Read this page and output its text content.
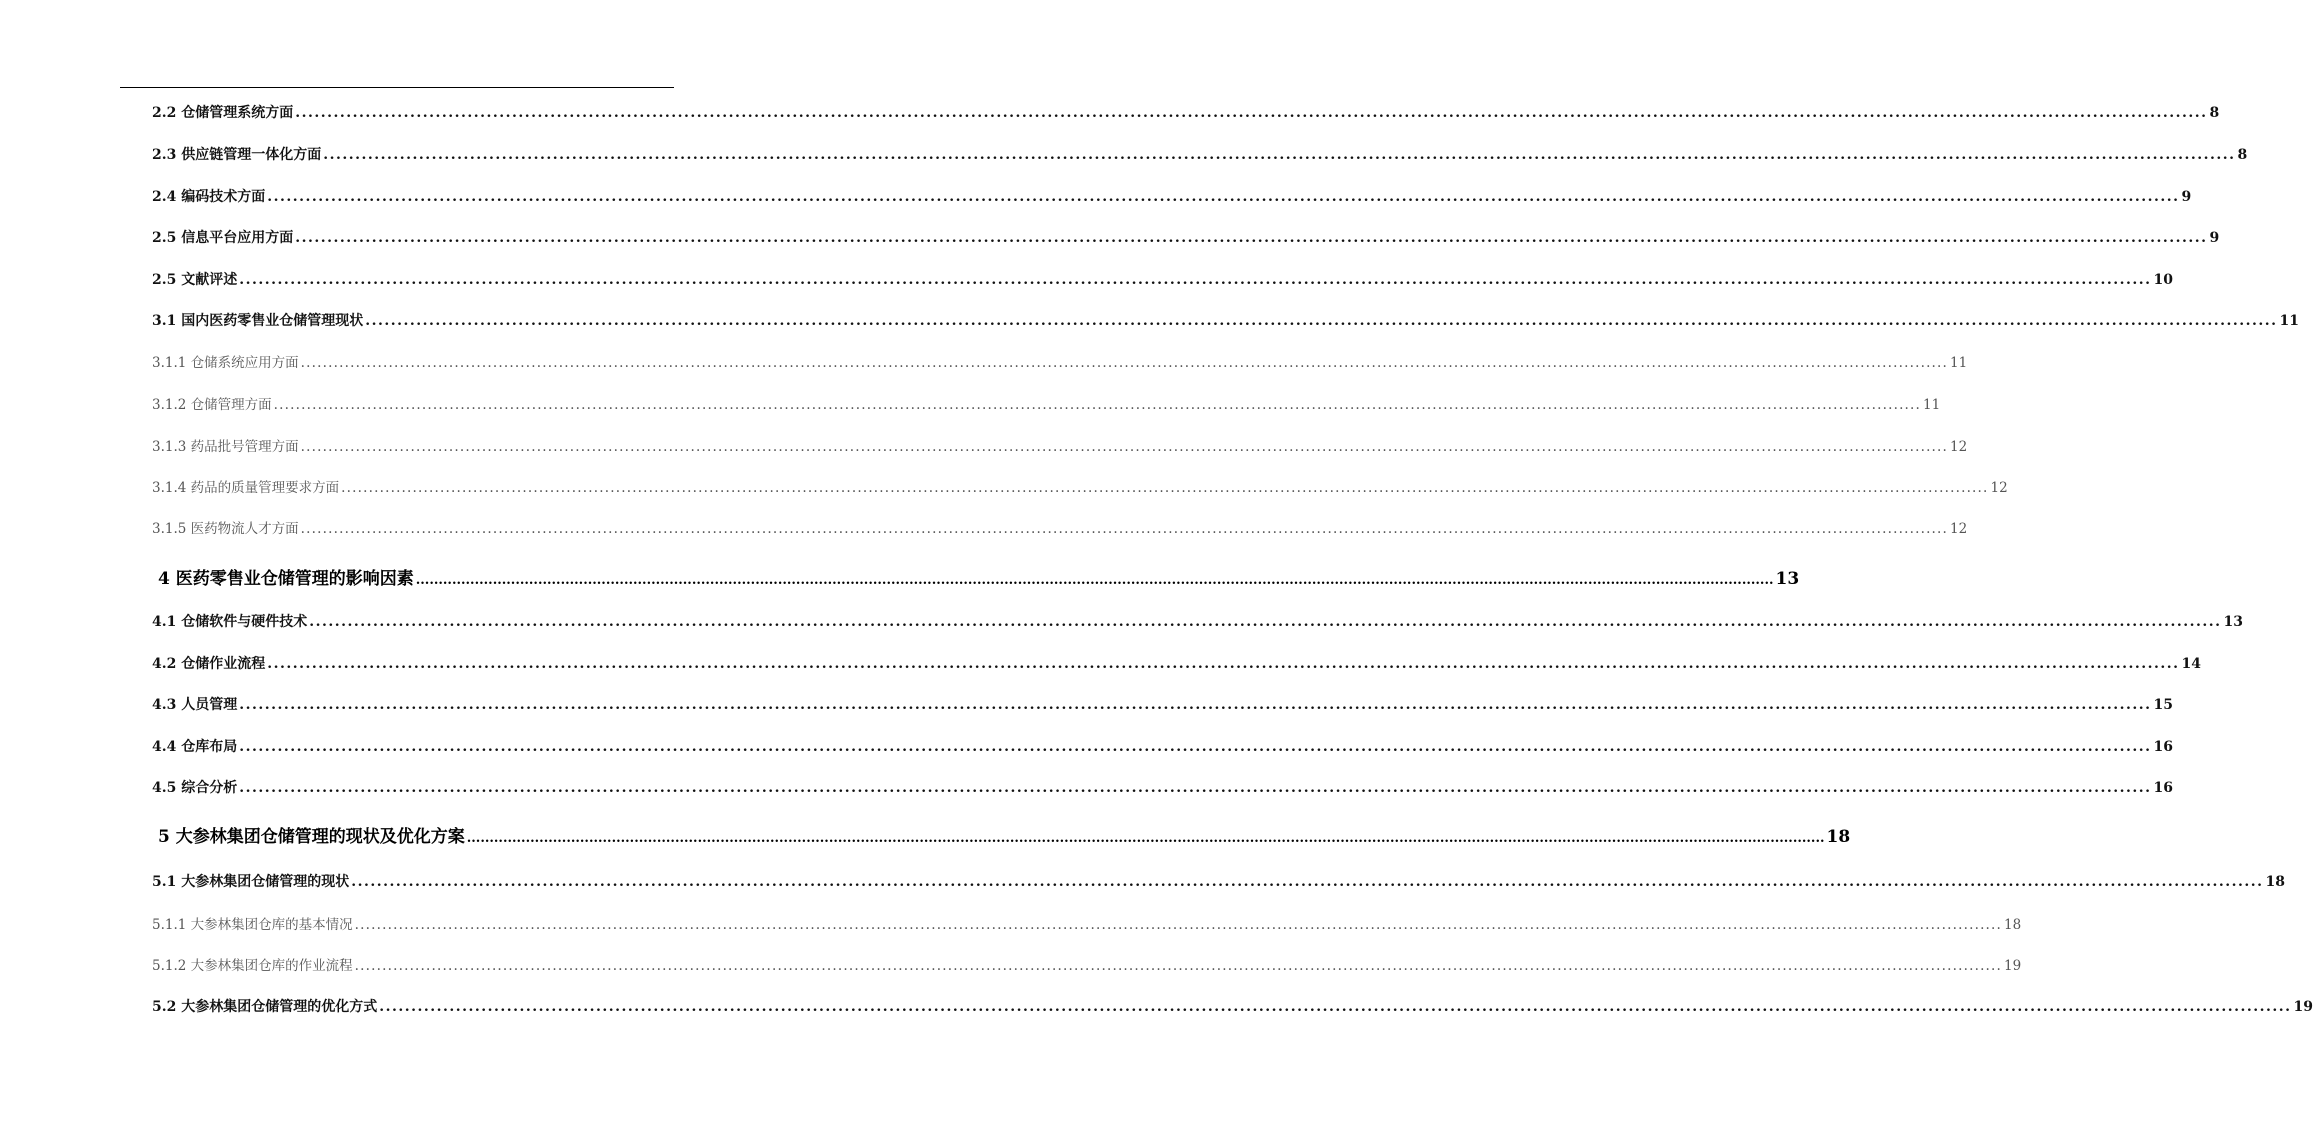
2.2 仓储管理系统方面 ............................................................................................................................................................................................................................................................................................................ 8
2.3 供应链管理一体化方面 ............................................................................................................................................................................................................................................................................................................ 8
2.4 编码技术方面 ............................................................................................................................................................................................................................................................................................................ 9
2.5 信息平台应用方面 ............................................................................................................................................................................................................................................................................................................ 9
2.5 文献评述 ............................................................................................................................................................................................................................................................................................................ 10
3.1 国内医药零售业仓储管理现状 ............................................................................................................................................................................................................................................................................................................ 11
3.1.1 仓储系统应用方面 ............................................................................................................................................................................................................................................................................................................ 11
3.1.2 仓储管理方面 ............................................................................................................................................................................................................................................................................................................ 11
3.1.3 药品批号管理方面 ............................................................................................................................................................................................................................................................................................................ 12
3.1.4 药品的质量管理要求方面 ............................................................................................................................................................................................................................................................................................................ 12
3.1.5 医药物流人才方面 ............................................................................................................................................................................................................................................................................................................ 12
4 医药零售业仓储管理的影响因素 ............................................................................................................................................................................................................................................................................................................ 13
4.1 仓储软件与硬件技术 ............................................................................................................................................................................................................................................................................................................ 13
4.2 仓储作业流程 ............................................................................................................................................................................................................................................................................................................ 14
4.3 人员管理 ............................................................................................................................................................................................................................................................................................................ 15
4.4 仓库布局 ............................................................................................................................................................................................................................................................................................................ 16
4.5 综合分析 ............................................................................................................................................................................................................................................................................................................ 16
5 大参林集团仓储管理的现状及优化方案 ............................................................................................................................................................................................................................................................................................................ 18
5.1 大参林集团仓储管理的现状 ............................................................................................................................................................................................................................................................................................................ 18
5.1.1 大参林集团仓库的基本情况 ............................................................................................................................................................................................................................................................................................................ 18
5.1.2 大参林集团仓库的作业流程 ............................................................................................................................................................................................................................................................................................................ 19
5.2 大参林集团仓储管理的优化方式 ............................................................................................................................................................................................................................................................................................................ 19
